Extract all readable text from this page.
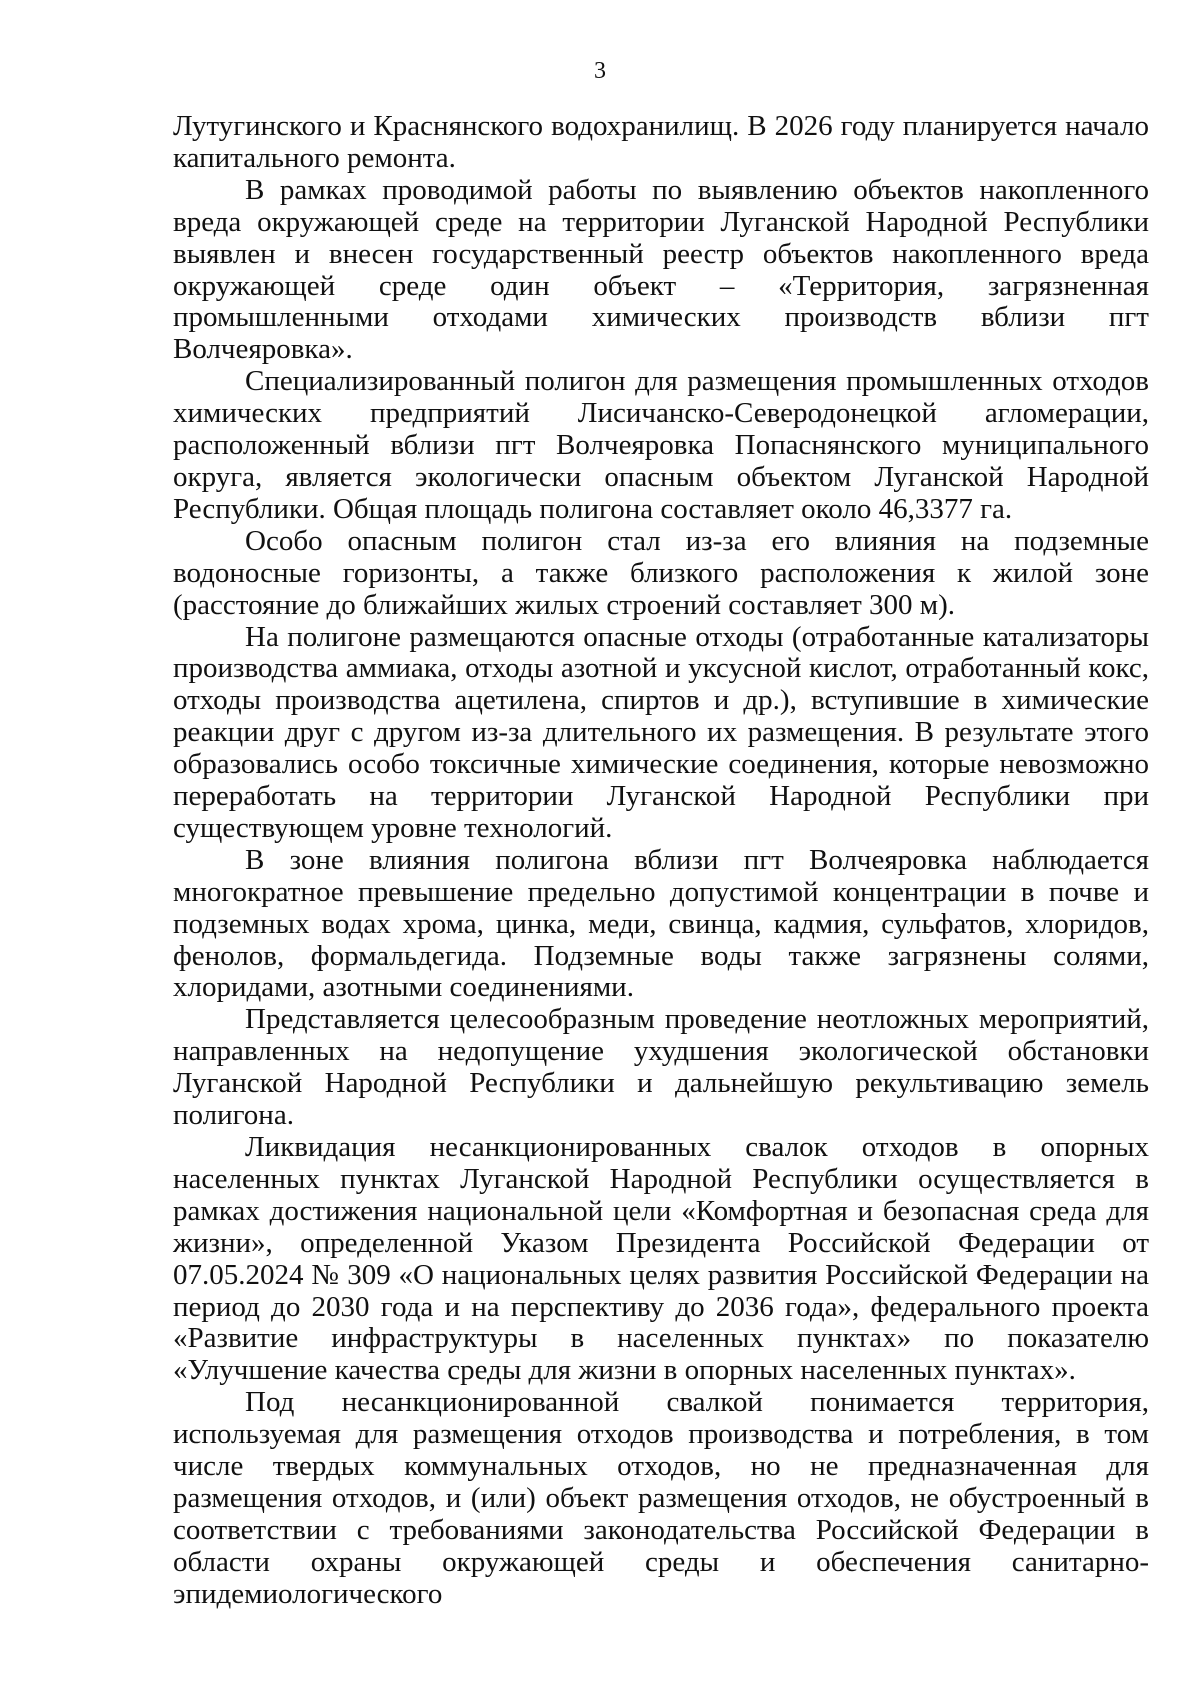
3

Лутугинского и Краснянского водохранилищ. В 2026 году планируется начало капитального ремонта.

В рамках проводимой работы по выявлению объектов накопленного вреда окружающей среде на территории Луганской Народной Республики выявлен и внесен государственный реестр объектов накопленного вреда окружающей среде один объект – «Территория, загрязненная промышленными отходами химических производств вблизи пгт Волчеяровка».

Специализированный полигон для размещения промышленных отходов химических предприятий Лисичанско-Северодонецкой агломерации, расположенный вблизи пгт Волчеяровка Попаснянского муниципального округа, является экологически опасным объектом Луганской Народной Республики. Общая площадь полигона составляет около 46,3377 га.

Особо опасным полигон стал из-за его влияния на подземные водоносные горизонты, а также близкого расположения к жилой зоне (расстояние до ближайших жилых строений составляет 300 м).

На полигоне размещаются опасные отходы (отработанные катализаторы производства аммиака, отходы азотной и уксусной кислот, отработанный кокс, отходы производства ацетилена, спиртов и др.), вступившие в химические реакции друг с другом из-за длительного их размещения. В результате этого образовались особо токсичные химические соединения, которые невозможно переработать на территории Луганской Народной Республики при существующем уровне технологий.

В зоне влияния полигона вблизи пгт Волчеяровка наблюдается многократное превышение предельно допустимой концентрации в почве и подземных водах хрома, цинка, меди, свинца, кадмия, сульфатов, хлоридов, фенолов, формальдегида. Подземные воды также загрязнены солями, хлоридами, азотными соединениями.

Представляется целесообразным проведение неотложных мероприятий, направленных на недопущение ухудшения экологической обстановки Луганской Народной Республики и дальнейшую рекультивацию земель полигона.

Ликвидация несанкционированных свалок отходов в опорных населенных пунктах Луганской Народной Республики осуществляется в рамках достижения национальной цели «Комфортная и безопасная среда для жизни», определенной Указом Президента Российской Федерации от 07.05.2024 № 309 «О национальных целях развития Российской Федерации на период до 2030 года и на перспективу до 2036 года», федерального проекта «Развитие инфраструктуры в населенных пунктах» по показателю «Улучшение качества среды для жизни в опорных населенных пунктах».

Под несанкционированной свалкой понимается территория, используемая для размещения отходов производства и потребления, в том числе твердых коммунальных отходов, но не предназначенная для размещения отходов, и (или) объект размещения отходов, не обустроенный в соответствии с требованиями законодательства Российской Федерации в области охраны окружающей среды и обеспечения санитарно-эпидемиологического
